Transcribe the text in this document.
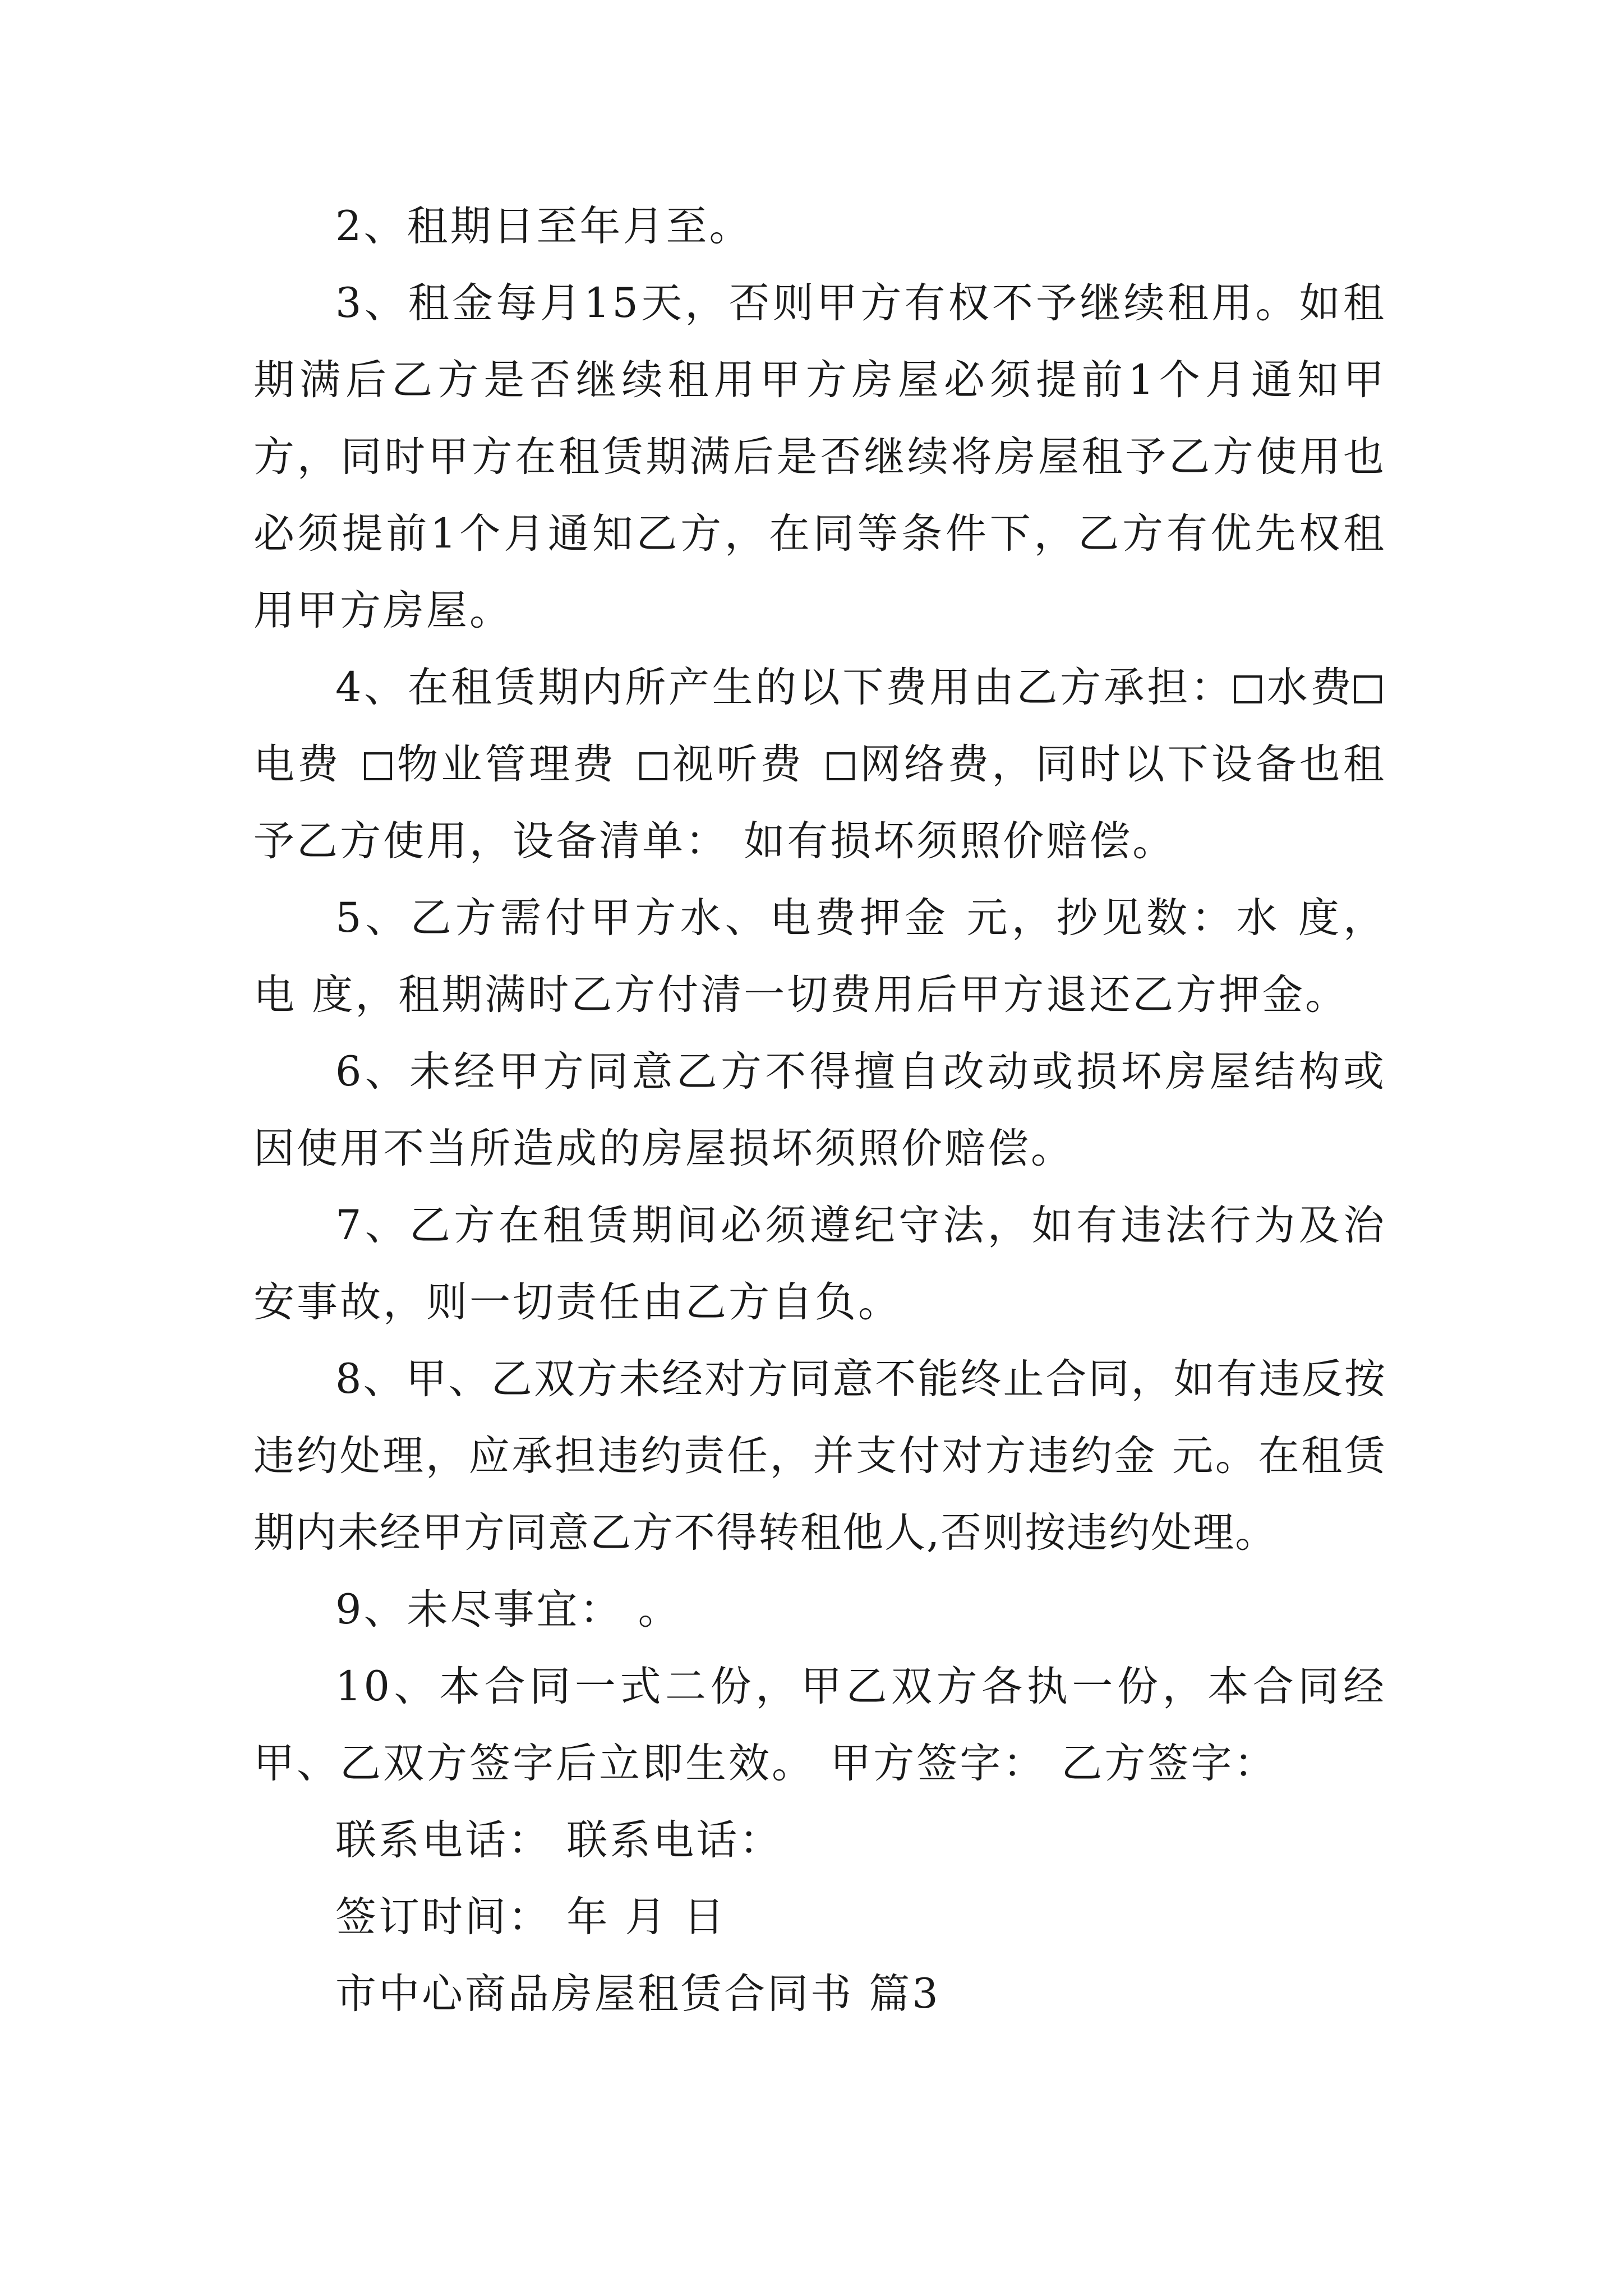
2、租期日至年月至。

3、租金每月15天，否则甲方有权不予继续租用。如租期满后乙方是否继续租用甲方房屋必须提前1个月通知甲方，同时甲方在租赁期满后是否继续将房屋租予乙方使用也必须提前1个月通知乙方，在同等条件下，乙方有优先权租用甲方房屋。

4、在租赁期内所产生的以下费用由乙方承担： 水费电费 物业管理费 视听费 网络费，同时以下设备也租予乙方使用，设备清单： 如有损坏须照价赔偿。

5、乙方需付甲方水、电费押金 元，抄见数：水 度，电 度，租期满时乙方付清一切费用后甲方退还乙方押金。

6、未经甲方同意乙方不得擅自改动或损坏房屋结构或因使用不当所造成的房屋损坏须照价赔偿。

7、乙方在租赁期间必须遵纪守法，如有违法行为及治安事故，则一切责任由乙方自负。

8、甲、乙双方未经对方同意不能终止合同，如有违反按违约处理，应承担违约责任，并支付对方违约金 元。在租赁期内未经甲方同意乙方不得转租他人,否则按违约处理。

9、未尽事宜： 。

10、本合同一式二份，甲乙双方各执一份，本合同经甲、乙双方签字后立即生效。 甲方签字： 乙方签字：

联系电话： 联系电话：

签订时间： 年 月 日

市中心商品房屋租赁合同书 篇3
